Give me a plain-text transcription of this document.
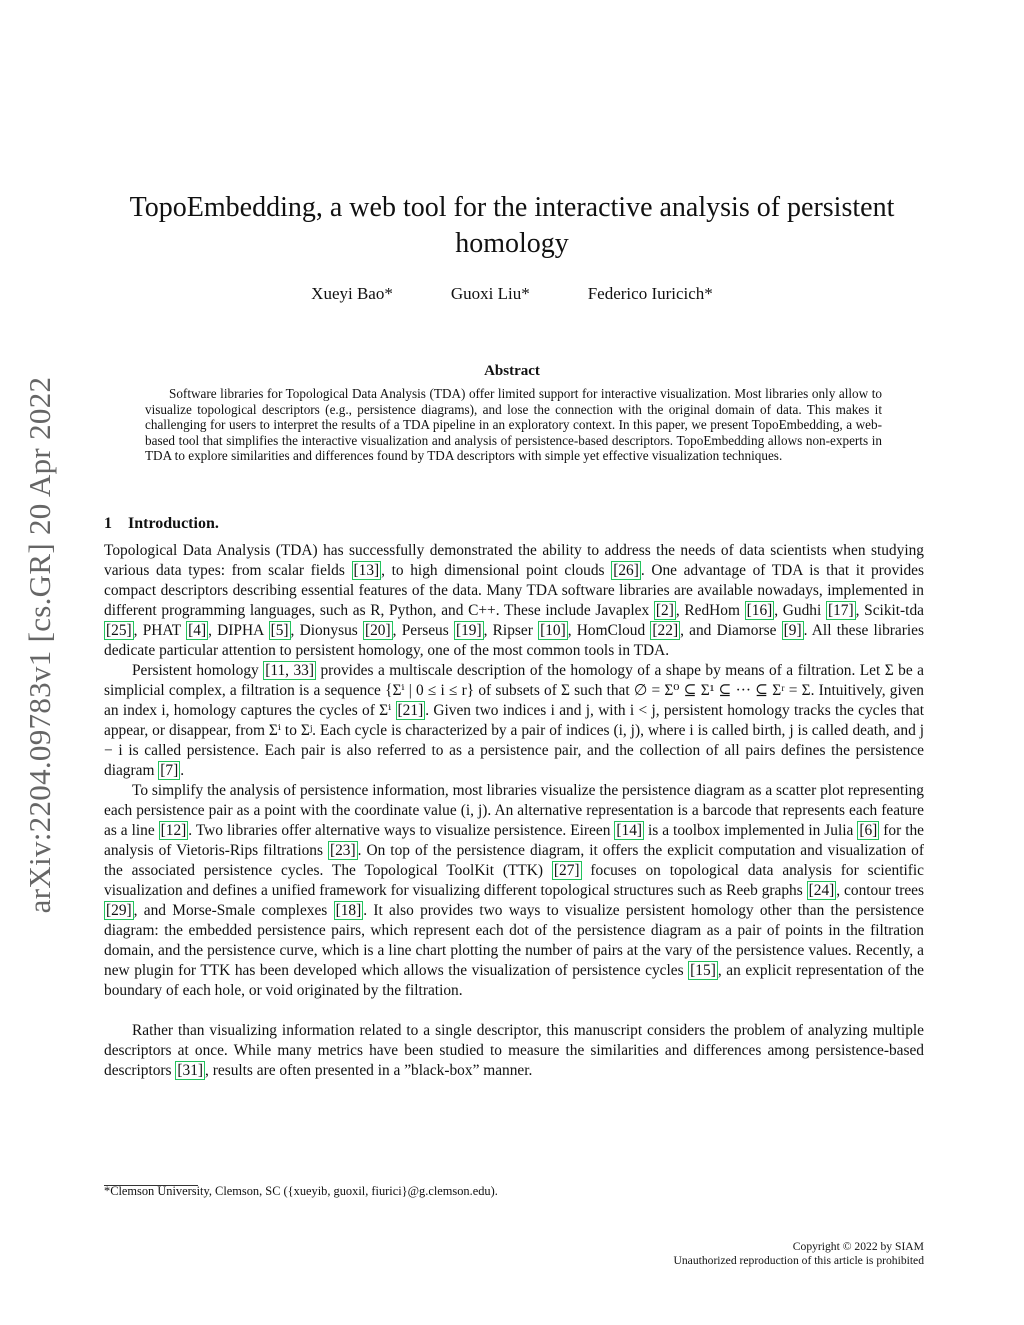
arXiv:2204.09783v1 [cs.GR] 20 Apr 2022
TopoEmbedding, a web tool for the interactive analysis of persistent homology
Xueyi Bao*	Guoxi Liu*	Federico Iuricich*
Abstract

Software libraries for Topological Data Analysis (TDA) offer limited support for interactive visualization. Most libraries only allow to visualize topological descriptors (e.g., persistence diagrams), and lose the connection with the original domain of data. This makes it challenging for users to interpret the results of a TDA pipeline in an exploratory context. In this paper, we present TopoEmbedding, a web-based tool that simplifies the interactive visualization and analysis of persistence-based descriptors. TopoEmbedding allows non-experts in TDA to explore similarities and differences found by TDA descriptors with simple yet effective visualization techniques.

1 Introduction.

Topological Data Analysis (TDA) has successfully demonstrated the ability to address the needs of data scientists when studying various data types: from scalar fields [13] , to high dimensional point clouds [26] . One advantage of TDA is that it provides compact descriptors describing essential features of the data. Many TDA software libraries are available nowadays, implemented in different programming languages, such as R, Python, and C++. These include Javaplex [2] , RedHom [16] , Gudhi [17] , Scikit-tda [25] , PHAT [4] , DIPHA [5] , Dionysus [20] , Perseus [19] , Ripser [10] , HomCloud [22] , and Diamorse [9] . All these libraries dedicate particular attention to persistent homology, one of the most common tools in TDA.

Persistent homology [11, 33] provides a multiscale description of the homology of a shape by means of a filtration. Let Σ be a simplicial complex, a filtration is a sequence {Σⁱ | 0 ≤ i ≤ r} of subsets of Σ such that ∅ = Σ⁰ ⊆ Σ¹ ⊆ ··· ⊆ Σʳ = Σ. Intuitively, given an index i, homology captures the cycles of Σⁱ [21] . Given two indices i and j, with i < j, persistent homology tracks the cycles that appear, or disappear, from Σⁱ to Σʲ. Each cycle is characterized by a pair of indices (i, j), where i is called birth, j is called death, and j − i is called persistence. Each pair is also referred to as a persistence pair, and the collection of all pairs defines the persistence diagram [7] .

To simplify the analysis of persistence information, most libraries visualize the persistence diagram as a scatter plot representing each persistence pair as a point with the coordinate value (i, j). An alternative representation is a barcode that represents each feature as a line [12] . Two libraries offer alternative ways to visualize persistence. Eireen [14] is a toolbox implemented in Julia [6] for the analysis of Vietoris-Rips filtrations [23] . On top of the persistence diagram, it offers the explicit computation and visualization of the associated persistence cycles. The Topological ToolKit (TTK) [27] focuses on topological data analysis for scientific visualization and defines a unified framework for visualizing different topological structures such as Reeb graphs [24] , contour trees [29] , and Morse-Smale complexes [18] . It also provides two ways to visualize persistent homology other than the persistence diagram: the embedded persistence pairs, which represent each dot of the persistence diagram as a pair of points in the filtration domain, and the persistence curve, which is a line chart plotting the number of pairs at the vary of the persistence values. Recently, a new plugin for TTK has been developed which allows the visualization of persistence cycles [15] , an explicit representation of the boundary of each hole, or void originated by the filtration.

Rather than visualizing information related to a single descriptor, this manuscript considers the problem of analyzing multiple descriptors at once. While many metrics have been studied to measure the similarities and differences among persistence-based descriptors [31] , results are often presented in a ”black-box” manner.

*Clemson University, Clemson, SC ({xueyib, guoxil, fiurici}@g.clemson.edu).
Copyright © 2022 by SIAM
Unauthorized reproduction of this article is prohibited
